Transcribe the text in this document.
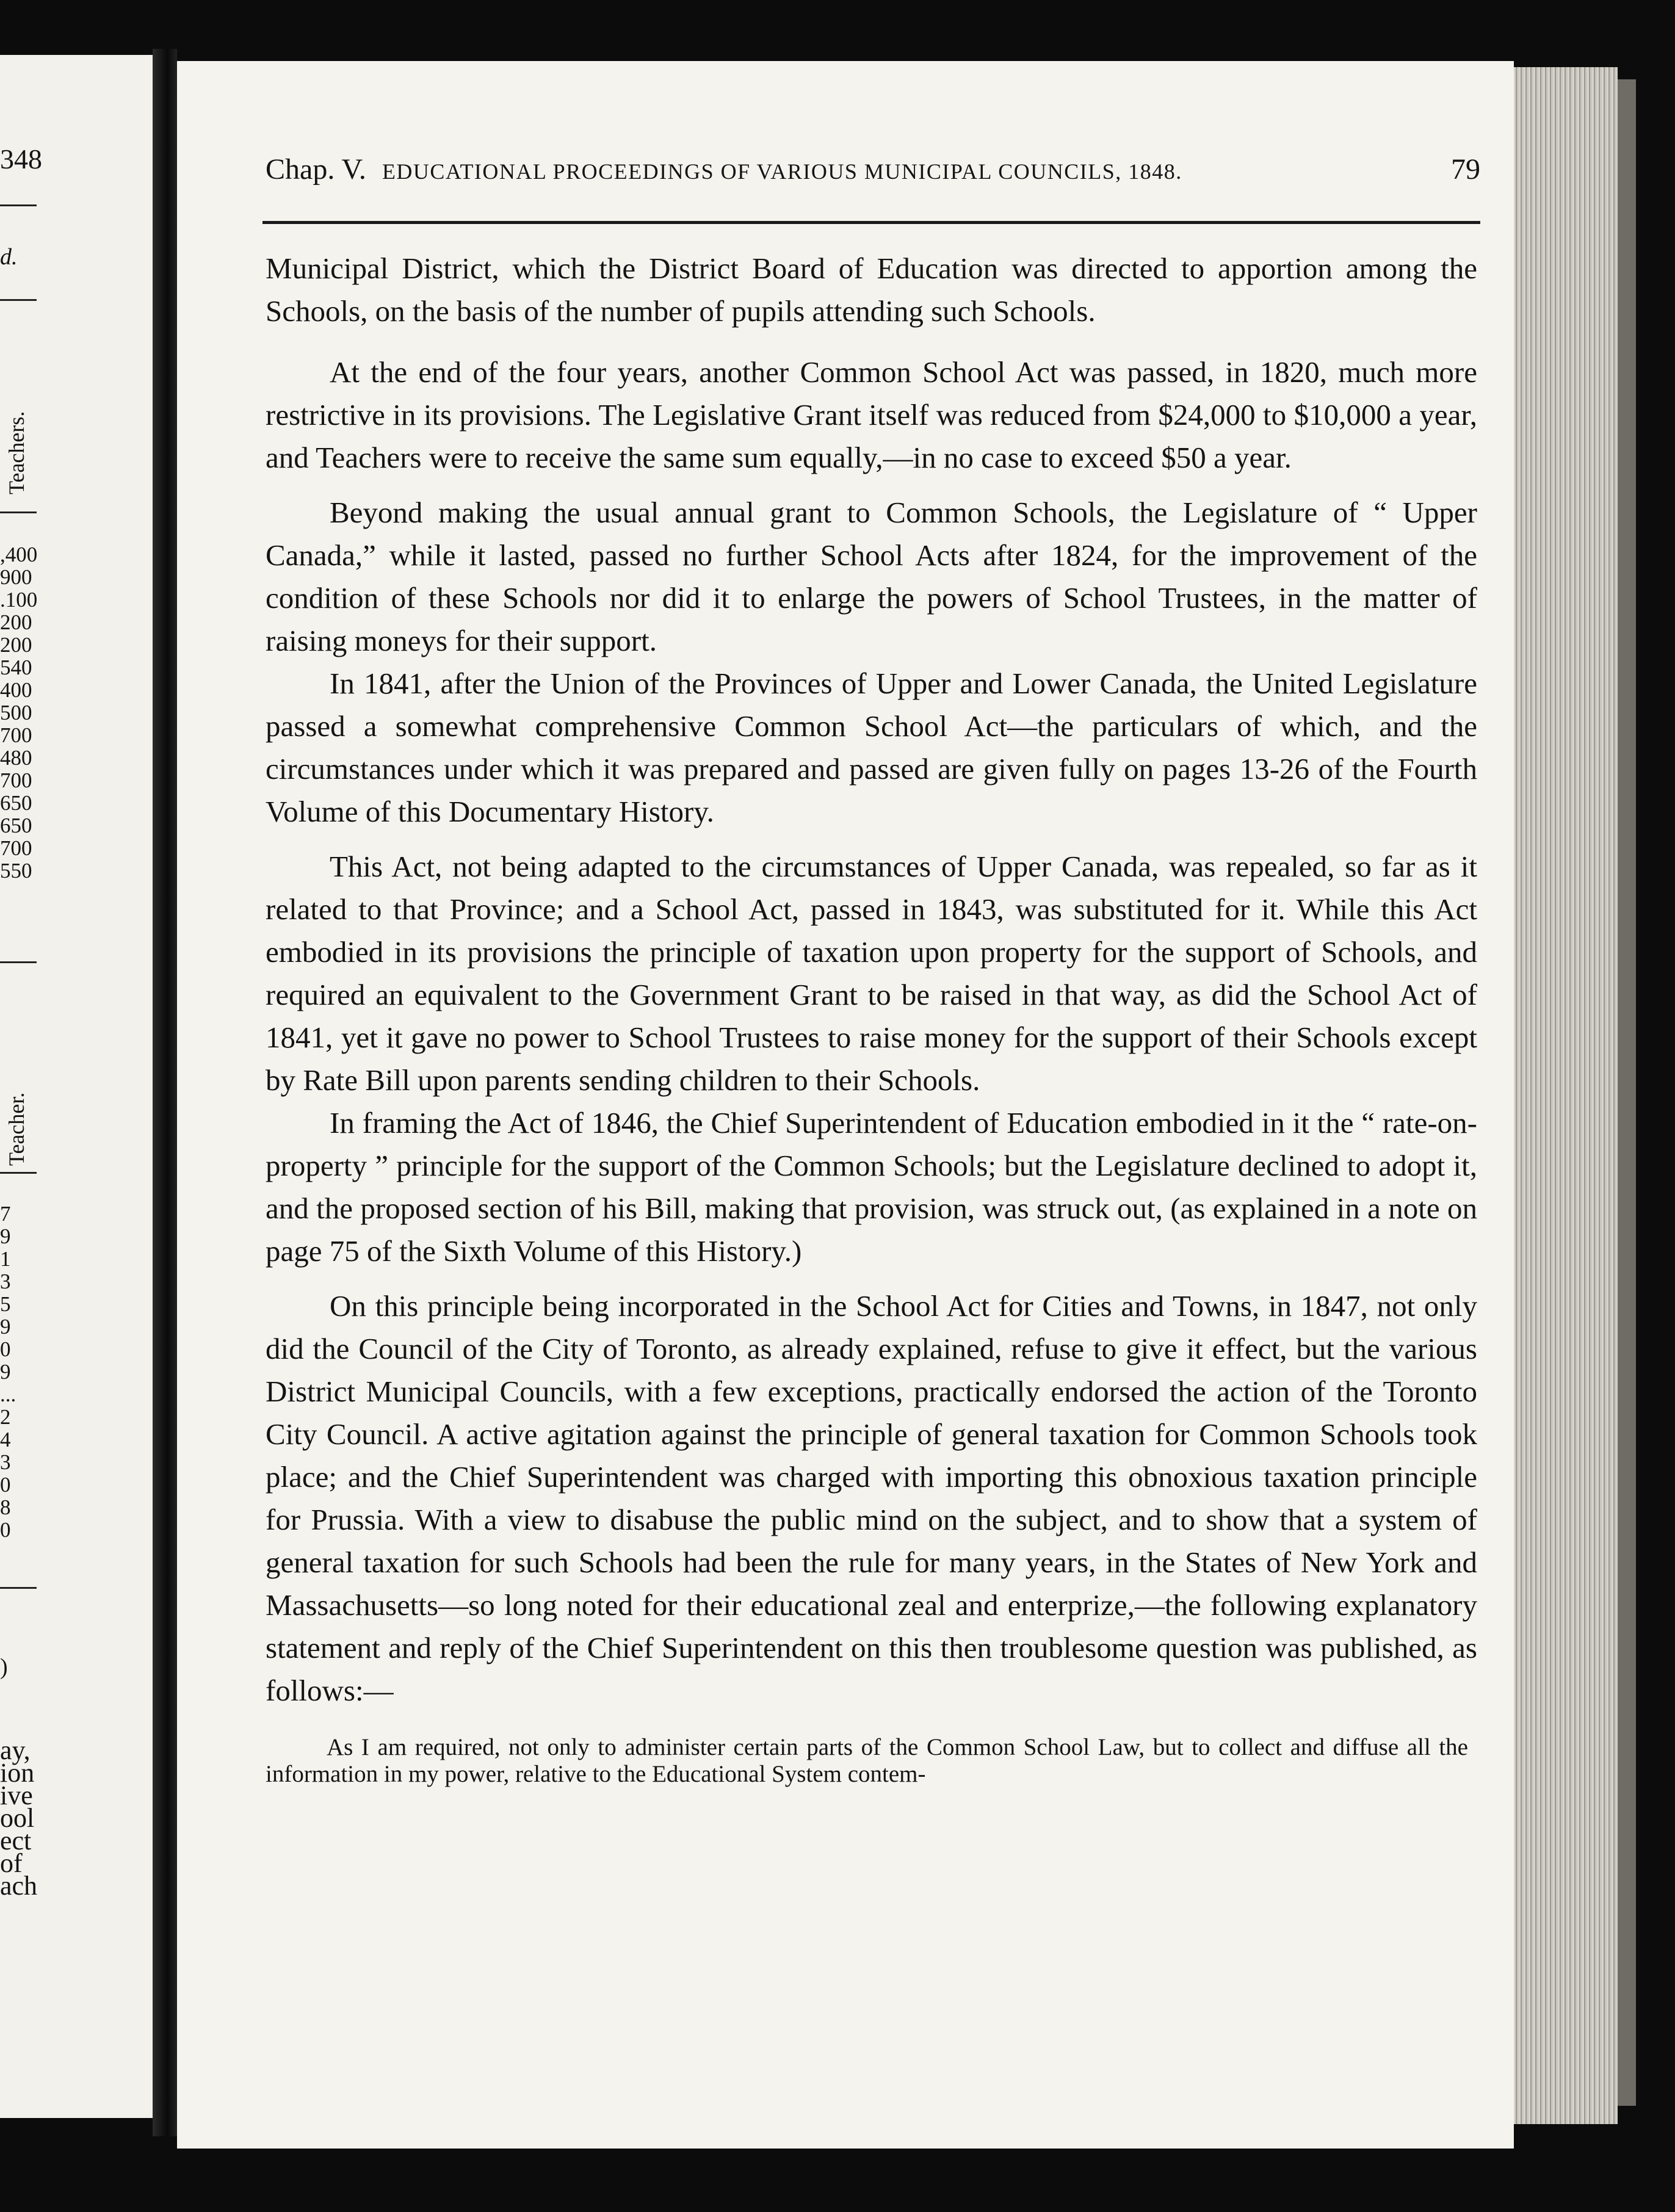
348
d.
Teachers.
,400
900
.100
200
200
540
400
500
700
480
700
650
650
700
550
Teacher.
7
9
1
3
5
9
0
9
...
2
4
3
0
8
0
)
ay,
ion
ive
ool
ect
of
ach
Chap. V. EDUCATIONAL PROCEEDINGS OF VARIOUS MUNICIPAL COUNCILS, 1848.	79

Municipal District, which the District Board of Education was directed to apportion among the Schools, on the basis of the number of pupils attending such Schools.

At the end of the four years, another Common School Act was passed, in 1820, much more restrictive in its provisions. The Legislative Grant itself was reduced from $24,000 to $10,000 a year, and Teachers were to receive the same sum equally,—in no case to exceed $50 a year.

Beyond making the usual annual grant to Common Schools, the Legislature of “ Upper Canada,” while it lasted, passed no further School Acts after 1824, for the improvement of the condition of these Schools nor did it to enlarge the powers of School Trustees, in the matter of raising moneys for their support.

In 1841, after the Union of the Provinces of Upper and Lower Canada, the United Legislature passed a somewhat comprehensive Common School Act—the particulars of which, and the circumstances under which it was prepared and passed are given fully on pages 13-26 of the Fourth Volume of this Documentary History.

This Act, not being adapted to the circumstances of Upper Canada, was repealed, so far as it related to that Province; and a School Act, passed in 1843, was substituted for it. While this Act embodied in its provisions the principle of taxation upon property for the support of Schools, and required an equivalent to the Government Grant to be raised in that way, as did the School Act of 1841, yet it gave no power to School Trustees to raise money for the support of their Schools except by Rate Bill upon parents sending children to their Schools.

In framing the Act of 1846, the Chief Superintendent of Education embodied in it the “ rate-on-property ” principle for the support of the Common Schools; but the Legislature declined to adopt it, and the proposed section of his Bill, making that provision, was struck out, (as explained in a note on page 75 of the Sixth Volume of this History.)

On this principle being incorporated in the School Act for Cities and Towns, in 1847, not only did the Council of the City of Toronto, as already explained, refuse to give it effect, but the various District Municipal Councils, with a few exceptions, practically endorsed the action of the Toronto City Council. A active agitation against the principle of general taxation for Common Schools took place; and the Chief Superintendent was charged with importing this obnoxious taxation principle for Prussia. With a view to disabuse the public mind on the subject, and to show that a system of general taxation for such Schools had been the rule for many years, in the States of New York and Massachusetts—so long noted for their educational zeal and enterprize,—the following explanatory statement and reply of the Chief Superintendent on this then troublesome question was published, as follows:—

As I am required, not only to administer certain parts of the Common School Law, but to collect and diffuse all the information in my power, relative to the Educational System contem-
